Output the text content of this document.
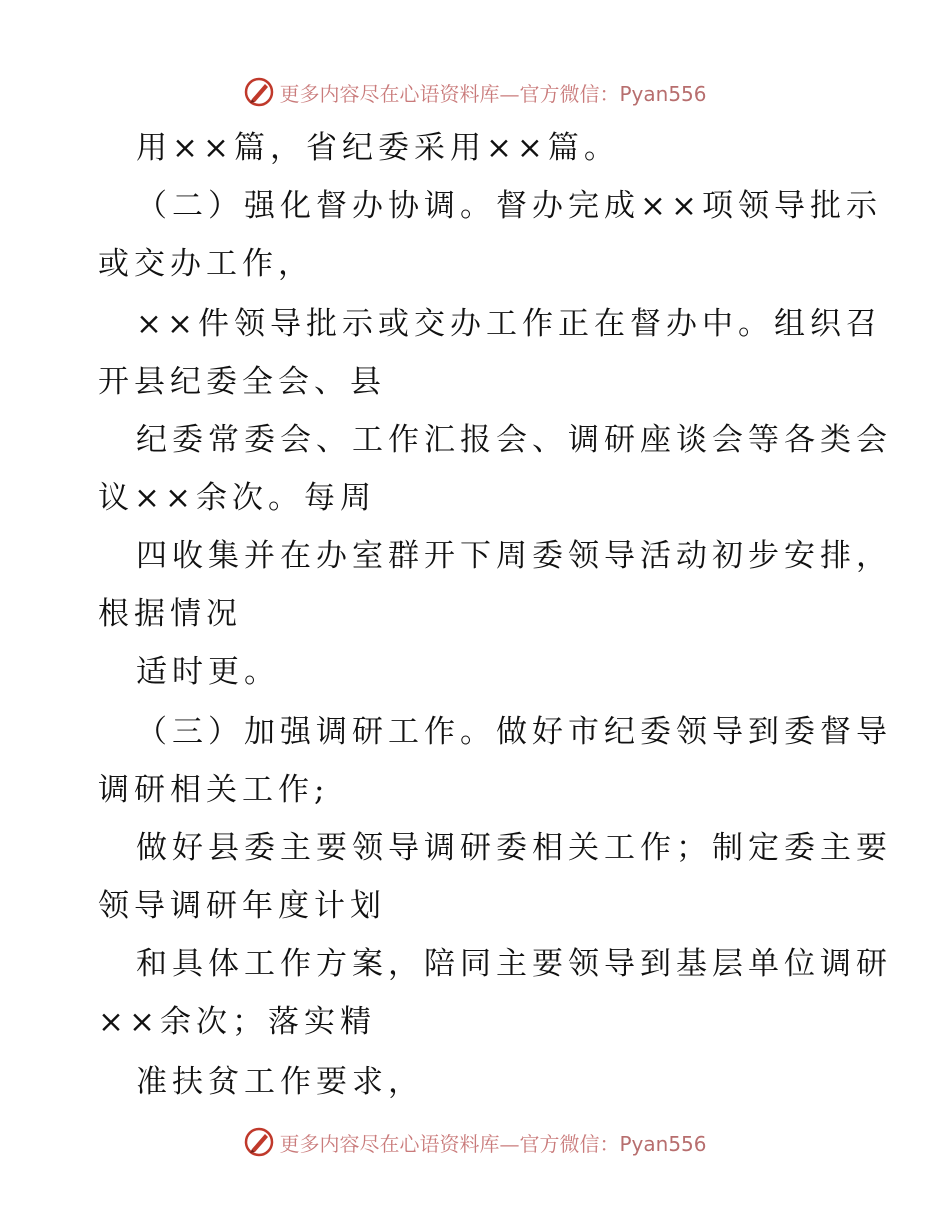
更多内容尽在心语资料库—官方微信：Pyan556
用××篇，省纪委采用××篇。
（二）强化督办协调。督办完成××项领导批示
或交办工作，
××件领导批示或交办工作正在督办中。组织召
开县纪委全会、县
纪委常委会、工作汇报会、调研座谈会等各类会
议××余次。每周
四收集并在办室群开下周委领导活动初步安排，
根据情况
适时更。
（三）加强调研工作。做好市纪委领导到委督导
调研相关工作;
做好县委主要领导调研委相关工作；制定委主要
领导调研年度计划
和具体工作方案，陪同主要领导到基层单位调研
××余次；落实精
准扶贫工作要求，
更多内容尽在心语资料库—官方微信：Pyan556
